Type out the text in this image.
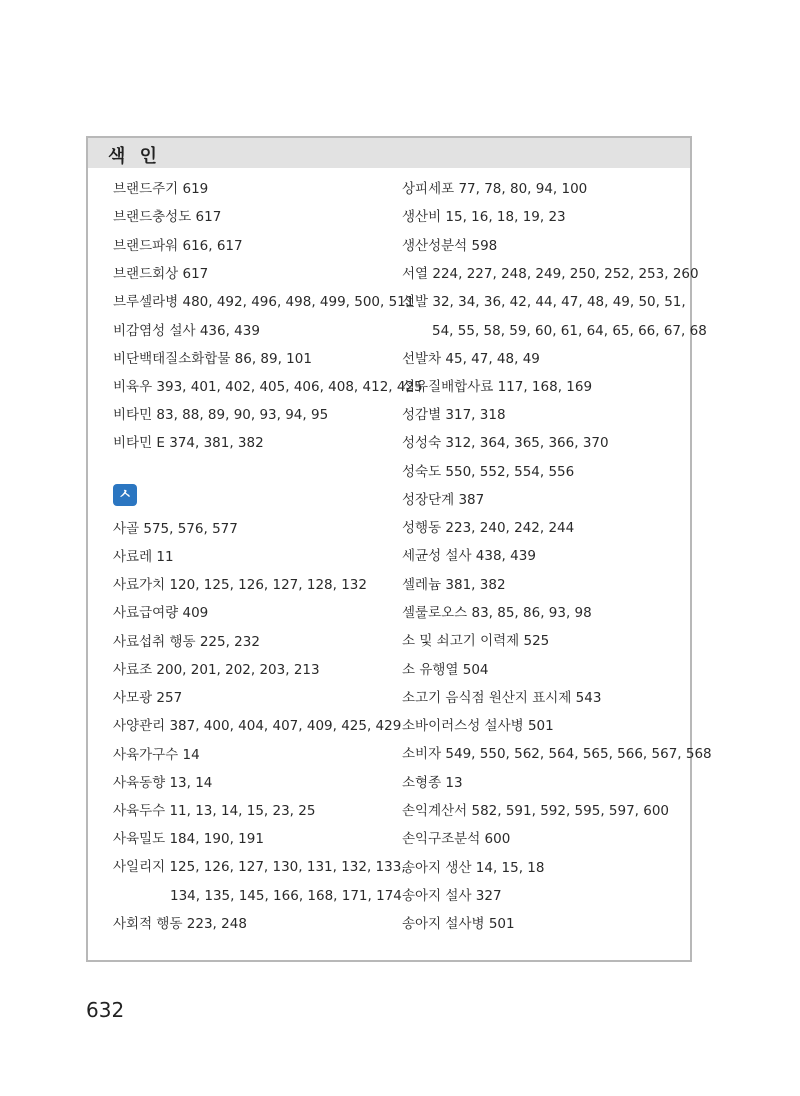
색 인
ㅅ
브랜드주기 619
브랜드충성도 617
브랜드파워 616, 617
브랜드회상 617
브루셀라병 480, 492, 496, 498, 499, 500, 511
비감염성 설사 436, 439
비단백태질소화합물 86, 89, 101
비육우 393, 401, 402, 405, 406, 408, 412, 425
비타민 83, 88, 89, 90, 93, 94, 95
비타민 E 374, 381, 382
사골 575, 576, 577
사료레 11
사료가치 120, 125, 126, 127, 128, 132
사료급여량 409
사료섭취 행동 225, 232
사료조 200, 201, 202, 203, 213
사모광 257
사양관리 387, 400, 404, 407, 409, 425, 429
사육가구수 14
사육동향 13, 14
사육두수 11, 13, 14, 15, 23, 25
사육밀도 184, 190, 191
사일리지 125, 126, 127, 130, 131, 132, 133,
134, 135, 145, 166, 168, 171, 174
사회적 행동 223, 248
상피세포 77, 78, 80, 94, 100
생산비 15, 16, 18, 19, 23
생산성분석 598
서열 224, 227, 248, 249, 250, 252, 253, 260
선발 32, 34, 36, 42, 44, 47, 48, 49, 50, 51,
54, 55, 58, 59, 60, 61, 64, 65, 66, 67, 68
선발차 45, 47, 48, 49
섬유질배합사료 117, 168, 169
성감별 317, 318
성성숙 312, 364, 365, 366, 370
성숙도 550, 552, 554, 556
성장단계 387
성행동 223, 240, 242, 244
세균성 설사 438, 439
셀레늄 381, 382
셀룰로오스 83, 85, 86, 93, 98
소 및 쇠고기 이력제 525
소 유행열 504
소고기 음식점 원산지 표시제 543
소바이러스성 설사병 501
소비자 549, 550, 562, 564, 565, 566, 567, 568
소형종 13
손익계산서 582, 591, 592, 595, 597, 600
손익구조분석 600
송아지 생산 14, 15, 18
송아지 설사 327
송아지 설사병 501
632
